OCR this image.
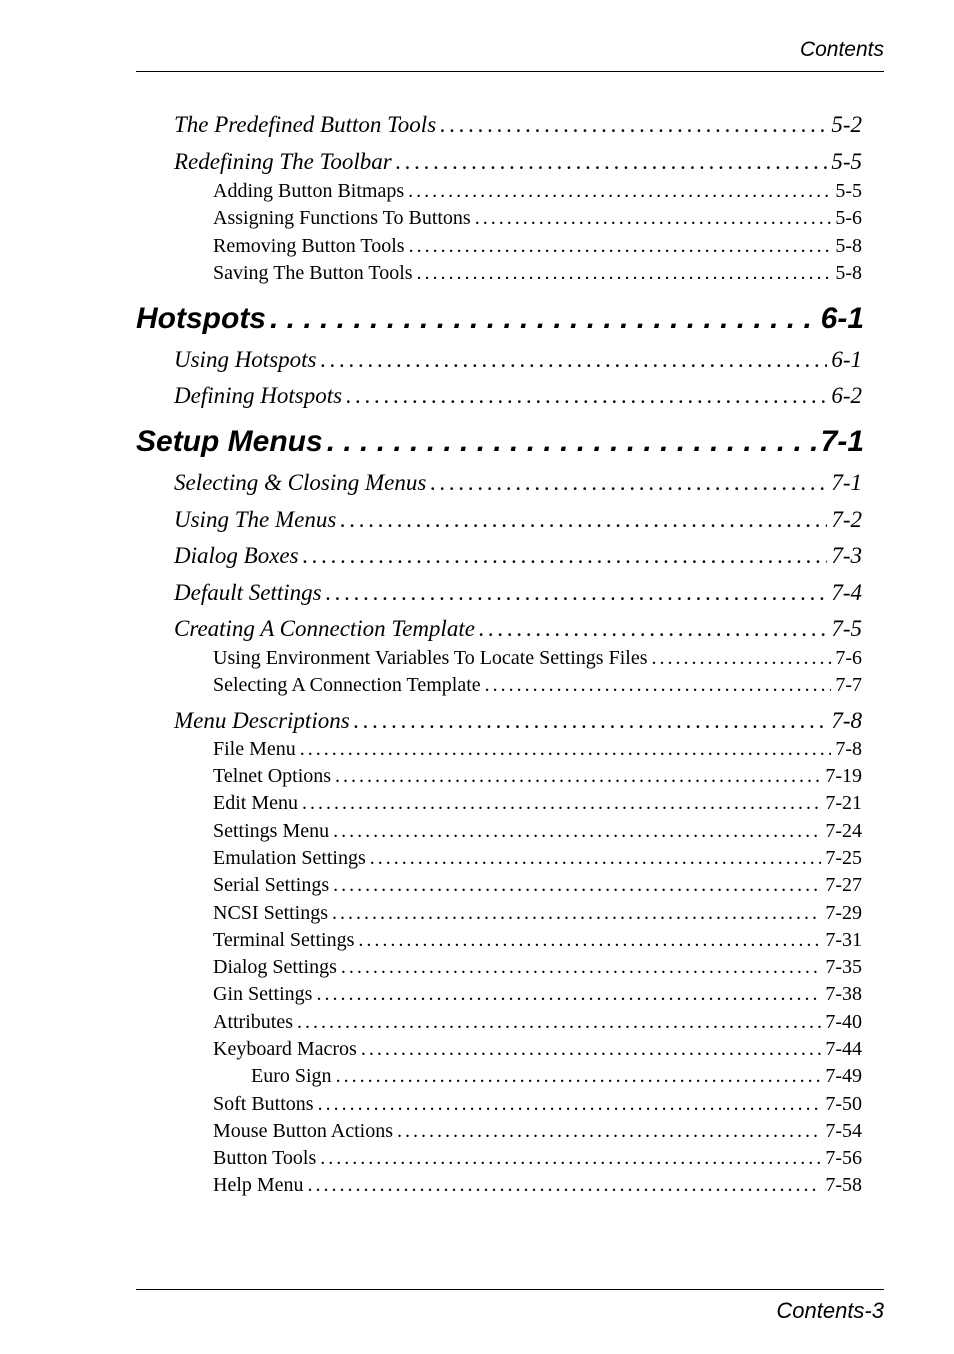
Contents
The Predefined Button Tools . . .	5-2
Redefining The Toolbar . . .	5-5
Adding Button Bitmaps . . .	5-5
Assigning Functions To Buttons . . .	5-6
Removing Button Tools . . .	5-8
Saving The Button Tools . . .	5-8
Hotspots . . .	6-1
Using Hotspots . . .	6-1
Defining Hotspots . . .	6-2
Setup Menus . . .	7-1
Selecting & Closing Menus . . .	7-1
Using The Menus . . .	7-2
Dialog Boxes . . .	7-3
Default Settings . . .	7-4
Creating A Connection Template . . .	7-5
Using Environment Variables To Locate Settings Files . . .	7-6
Selecting A Connection Template . . .	7-7
Menu Descriptions . . .	7-8
File Menu . . .	7-8
Telnet Options . . .	7-19
Edit Menu . . .	7-21
Settings Menu . . .	7-24
Emulation Settings . . .	7-25
Serial Settings . . .	7-27
NCSI Settings . . .	7-29
Terminal Settings . . .	7-31
Dialog Settings . . .	7-35
Gin Settings . . .	7-38
Attributes . . .	7-40
Keyboard Macros . . .	7-44
Euro Sign . . .	7-49
Soft Buttons . . .	7-50
Mouse Button Actions . . .	7-54
Button Tools . . .	7-56
Help Menu . . .	7-58
Contents-3
